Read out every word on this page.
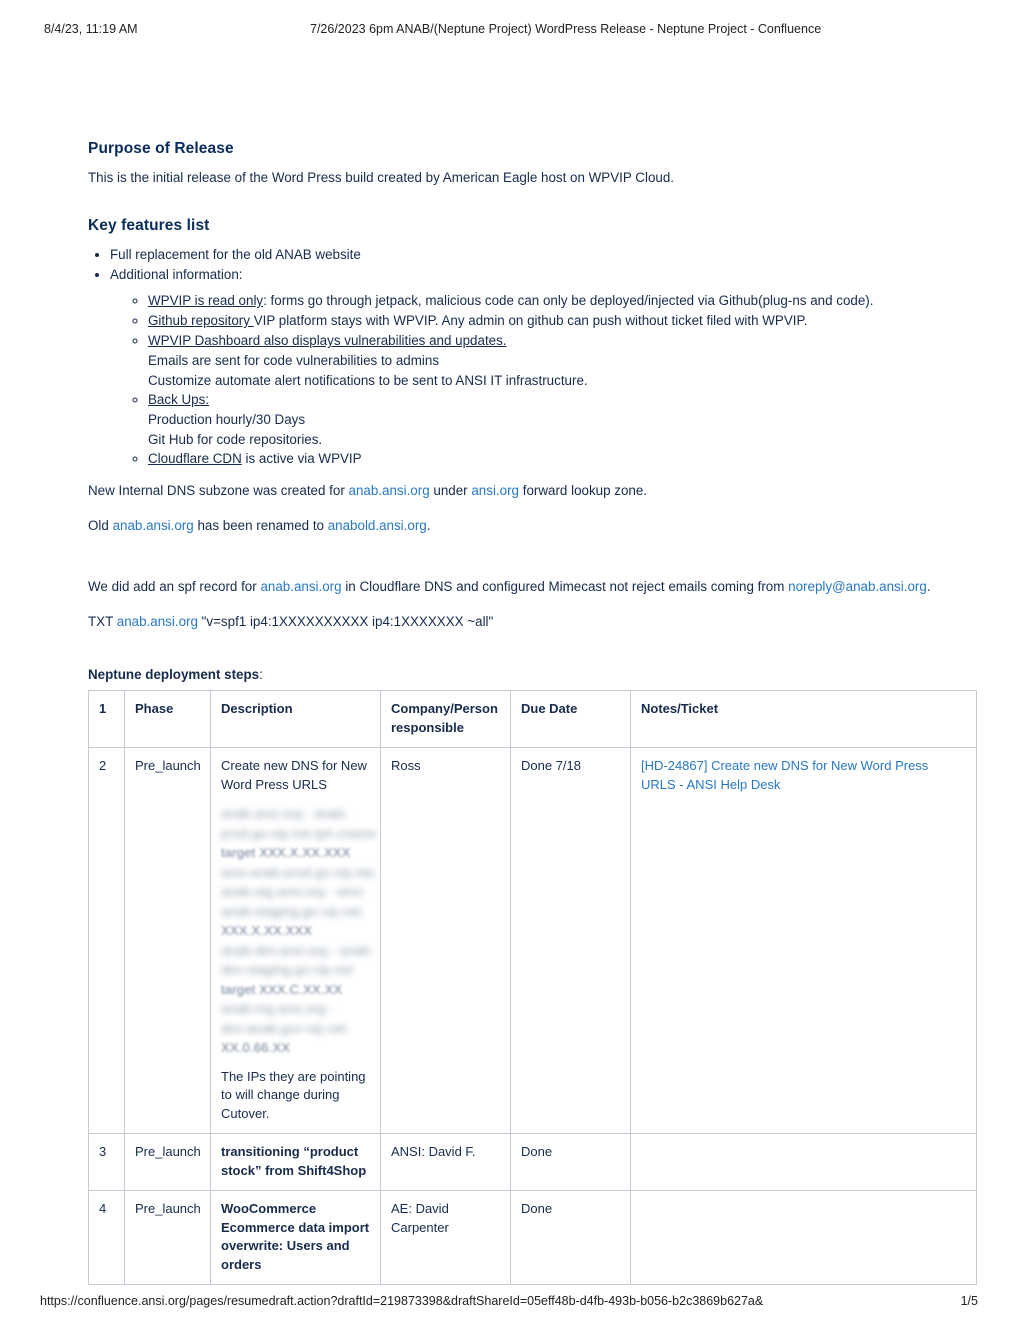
8/4/23, 11:19 AM	7/26/2023 6pm ANAB/(Neptune Project) WordPress Release - Neptune Project - Confluence
Purpose of Release

This is the initial release of the Word Press build created by American Eagle host on WPVIP Cloud.

Key features list
• Full replacement for the old ANAB website
• Additional information:
◦ WPVIP is read only: forms go through jetpack, malicious code can only be deployed/injected via Github(plug-ns and code).
◦ Github repository VIP platform stays with WPVIP. Any admin on github can push without ticket filed with WPVIP.
◦ WPVIP Dashboard also displays vulnerabilities and updates.
Emails are sent for code vulnerabilities to admins
Customize automate alert notifications to be sent to ANSI IT infrastructure.
◦ Back Ups:
Production hourly/30 Days
Git Hub for code repositories.
◦ Cloudflare CDN is active via WPVIP

New Internal DNS subzone was created for anab.ansi.org under ansi.org forward lookup zone.

Old anab.ansi.org has been renamed to anabold.ansi.org.

We did add an spf record for anab.ansi.org in Cloudflare DNS and configured Mimecast not reject emails coming from noreply@anab.ansi.org.

TXT anab.ansi.org "v=spf1 ip4:1XXXXXXXXXX ip4:1XXXXXXX ~all"

Neptune deployment steps:

1	Phase	Description	Company/Person responsible	Due Date	Notes/Ticket
2	Pre_launch	Create new DNS for New Word Press URLS
anab.ansi.org - anab-
prod.go-vip.net ip4 cname
target XXX.X.XX.XXX
ansi-anab-prod.go-vip.net
anab-stg.ansi.org - ansi-
anab-staging.go-vip.net
XXX.X.XX.XXX
anab-dev.ansi.org - anab-
dev-staging.go-vip.net
target XXX.C.XX.XX
anab-mg.ansi.org -
dev-anab.gov-vip.net
XX.0.66.XX
The IPs they are pointing to will change during Cutover.
	Ross	Done 7/18	[HD-24867] Create new DNS for New Word Press URLS - ANSI Help Desk
3	Pre_launch	transitioning “product stock” from Shift4Shop	ANSI: David F.	Done	
4	Pre_launch	WooCommerce Ecommerce data import overwrite: Users and orders	AE: David Carpenter	Done	
https://confluence.ansi.org/pages/resumedraft.action?draftId=219873398&draftShareId=05eff48b-d4fb-493b-b056-b2c3869b627a&	1/5
